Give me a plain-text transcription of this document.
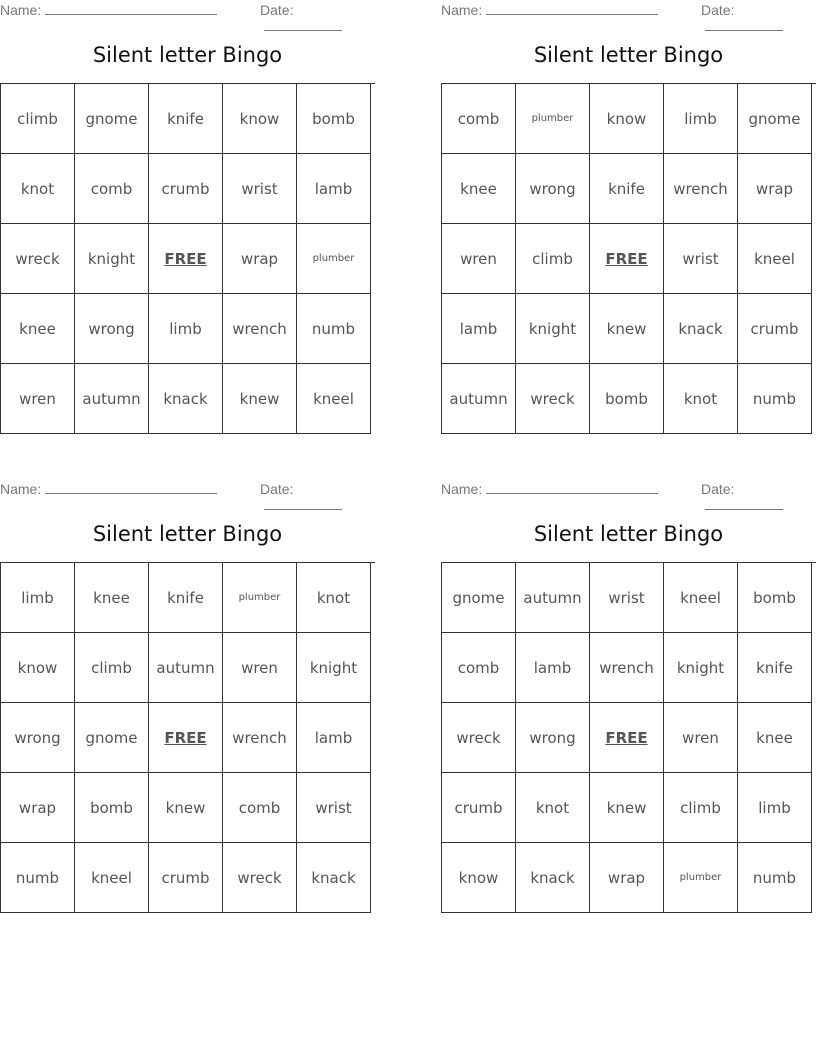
Name:	Date:
Silent letter Bingo
climb	gnome	knife	know	bomb
knot	comb	crumb	wrist	lamb
wreck	knight	FREE	wrap	plumber
knee	wrong	limb	wrench	numb
wren	autumn	knack	knew	kneel
Name:	Date:
Silent letter Bingo
comb	plumber	know	limb	gnome
knee	wrong	knife	wrench	wrap
wren	climb	FREE	wrist	kneel
lamb	knight	knew	knack	crumb
autumn	wreck	bomb	knot	numb
Name:	Date:
Silent letter Bingo
limb	knee	knife	plumber	knot
know	climb	autumn	wren	knight
wrong	gnome	FREE	wrench	lamb
wrap	bomb	knew	comb	wrist
numb	kneel	crumb	wreck	knack
Name:	Date:
Silent letter Bingo
gnome	autumn	wrist	kneel	bomb
comb	lamb	wrench	knight	knife
wreck	wrong	FREE	wren	knee
crumb	knot	knew	climb	limb
know	knack	wrap	plumber	numb
